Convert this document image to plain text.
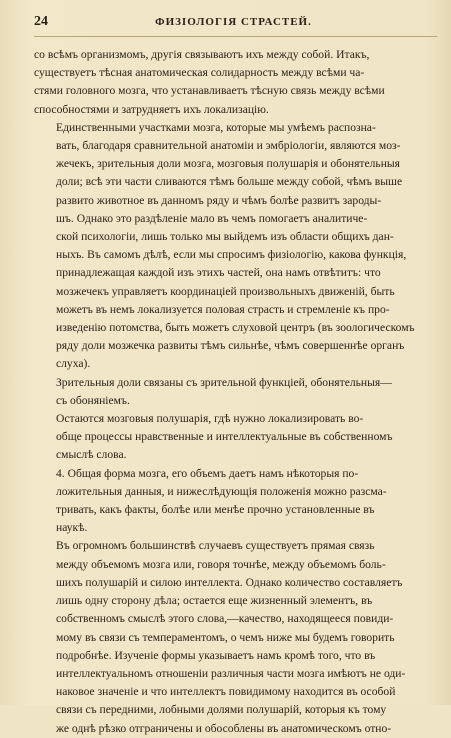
24	ФИЗІОЛОГІЯ СТРАСТЕЙ.

со всѣмъ организмомъ, другія связываютъ ихъ между собой. Итакъ,
существуетъ тѣсная анатомическая солидарность между всѣми ча-
стями головного мозга, что устанавливаетъ тѣсную связь между всѣми
способностями и затрудняетъ ихъ локализацію.

Единственными участками мозга, которые мы умѣемъ распозна-
вать, благодаря сравнительной анатоміи и эмбріологіи, являются моз-
жечекъ, зрительныя доли мозга, мозговыя полушарія и обонятельныя
доли; всѣ эти части сливаются тѣмъ больше между собой, чѣмъ выше
развито животное въ данномъ ряду и чѣмъ болѣе развитъ зароды-
шъ. Однако это раздѣленіе мало въ чемъ помогаетъ аналитиче-
ской психологіи, лишь только мы выйдемъ изъ области общихъ дан-
ныхъ. Въ самомъ дѣлѣ, если мы спросимъ физіологію, какова функція,
принадлежащая каждой изъ этихъ частей, она намъ отвѣтитъ: что
мозжечекъ управляетъ координаціей произвольныхъ движеній, быть
можетъ въ немъ локализуется половая страсть и стремленіе къ про-
изведенію потомства, быть можетъ слуховой центръ (въ зоологическомъ
ряду доли мозжечка развиты тѣмъ сильнѣе, чѣмъ совершеннѣе органъ
слуха).

Зрительныя доли связаны съ зрительной функціей, обонятельныя—
съ обоняніемъ.

Остаются мозговыя полушарія, гдѣ нужно локализировать во-
обще процессы нравственные и интеллектуальные въ собственномъ
смыслѣ слова.

4. Общая форма мозга, его объемъ даетъ намъ нѣкоторыя по-
ложительныя данныя, и нижеслѣдующія положенія можно разсма-
тривать, какъ факты, болѣе или менѣе прочно установленные въ
наукѣ.

Въ огромномъ большинствѣ случаевъ существуетъ прямая связь
между объемомъ мозга или, говоря точнѣе, между объемомъ боль-
шихъ полушарій и силою интеллекта. Однако количество составляетъ
лишь одну сторону дѣла; остается еще жизненный элементъ, въ
собственномъ смыслѣ этого слова,—качество, находящееся повиди-
мому въ связи съ темпераментомъ, о чемъ ниже мы будемъ говорить
подробнѣе. Изученіе формы указываетъ намъ кромѣ того, что въ
интеллектуальномъ отношеніи различныя части мозга имѣютъ не оди-
наковое значеніе и что интеллектъ повидимому находится въ особой
связи съ передними, лобными долями полушарій, которыя къ тому
же однѣ рѣзко отграничены и обособлены въ анатомическомъ отно-
